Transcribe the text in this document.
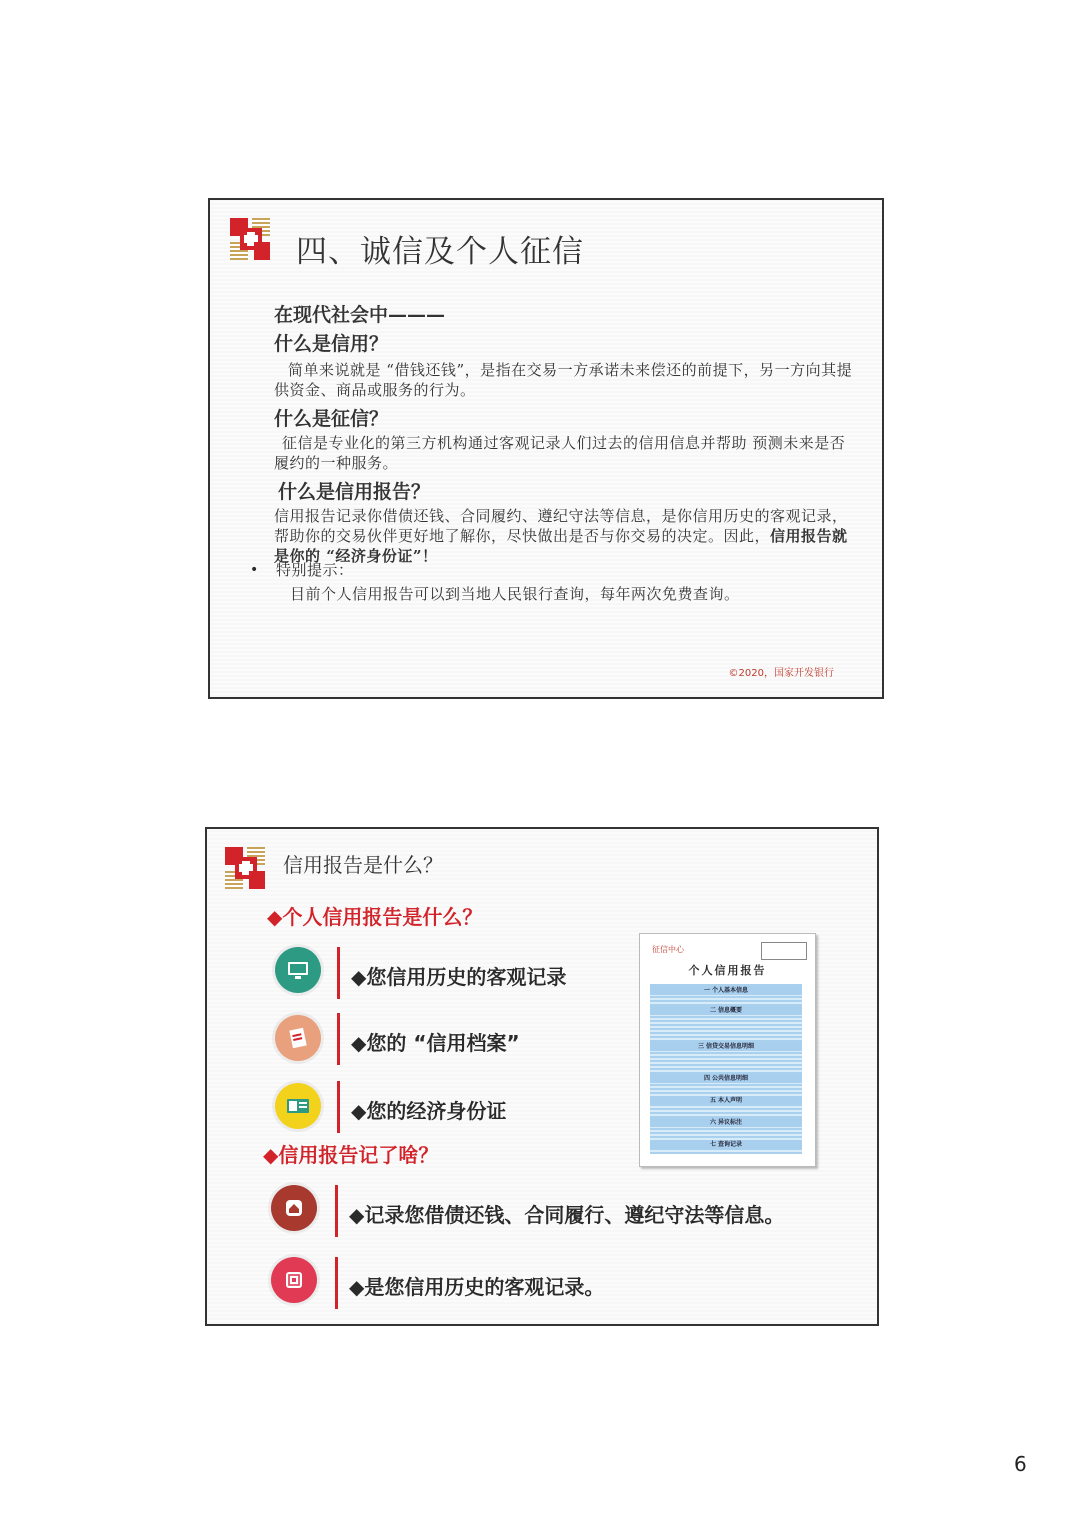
四、诚信及个人征信
在现代社会中———
什么是信用？
简单来说就是 “借钱还钱”，是指在交易一方承诺未来偿还的前提下，另一方向其提供资金、商品或服务的行为。
什么是征信？
征信是专业化的第三方机构通过客观记录人们过去的信用信息并帮助 预测未来是否履约的一种服务。
什么是信用报告？
信用报告记录你借债还钱、合同履约、遵纪守法等信息，是你信用历史的客观记录，帮助你的交易伙伴更好地了解你，尽快做出是否与你交易的决定。因此，信用报告就是你的 “经济身份证”！
• 特别提示：
目前个人信用报告可以到当地人民银行查询，每年两次免费查询。
©2020，国家开发银行
信用报告是什么？
◆个人信用报告是什么？
◆您信用历史的客观记录
◆您的 “信用档案”
◆您的经济身份证
◆信用报告记了啥？
◆记录您借债还钱、合同履行、遵纪守法等信息。
◆是您信用历史的客观记录。
征信中心
个人信用报告
一 个人基本信息
二 信息概要
三 信贷交易信息明细
四 公共信息明细
五 本人声明
六 异议标注
七 查询记录
6
